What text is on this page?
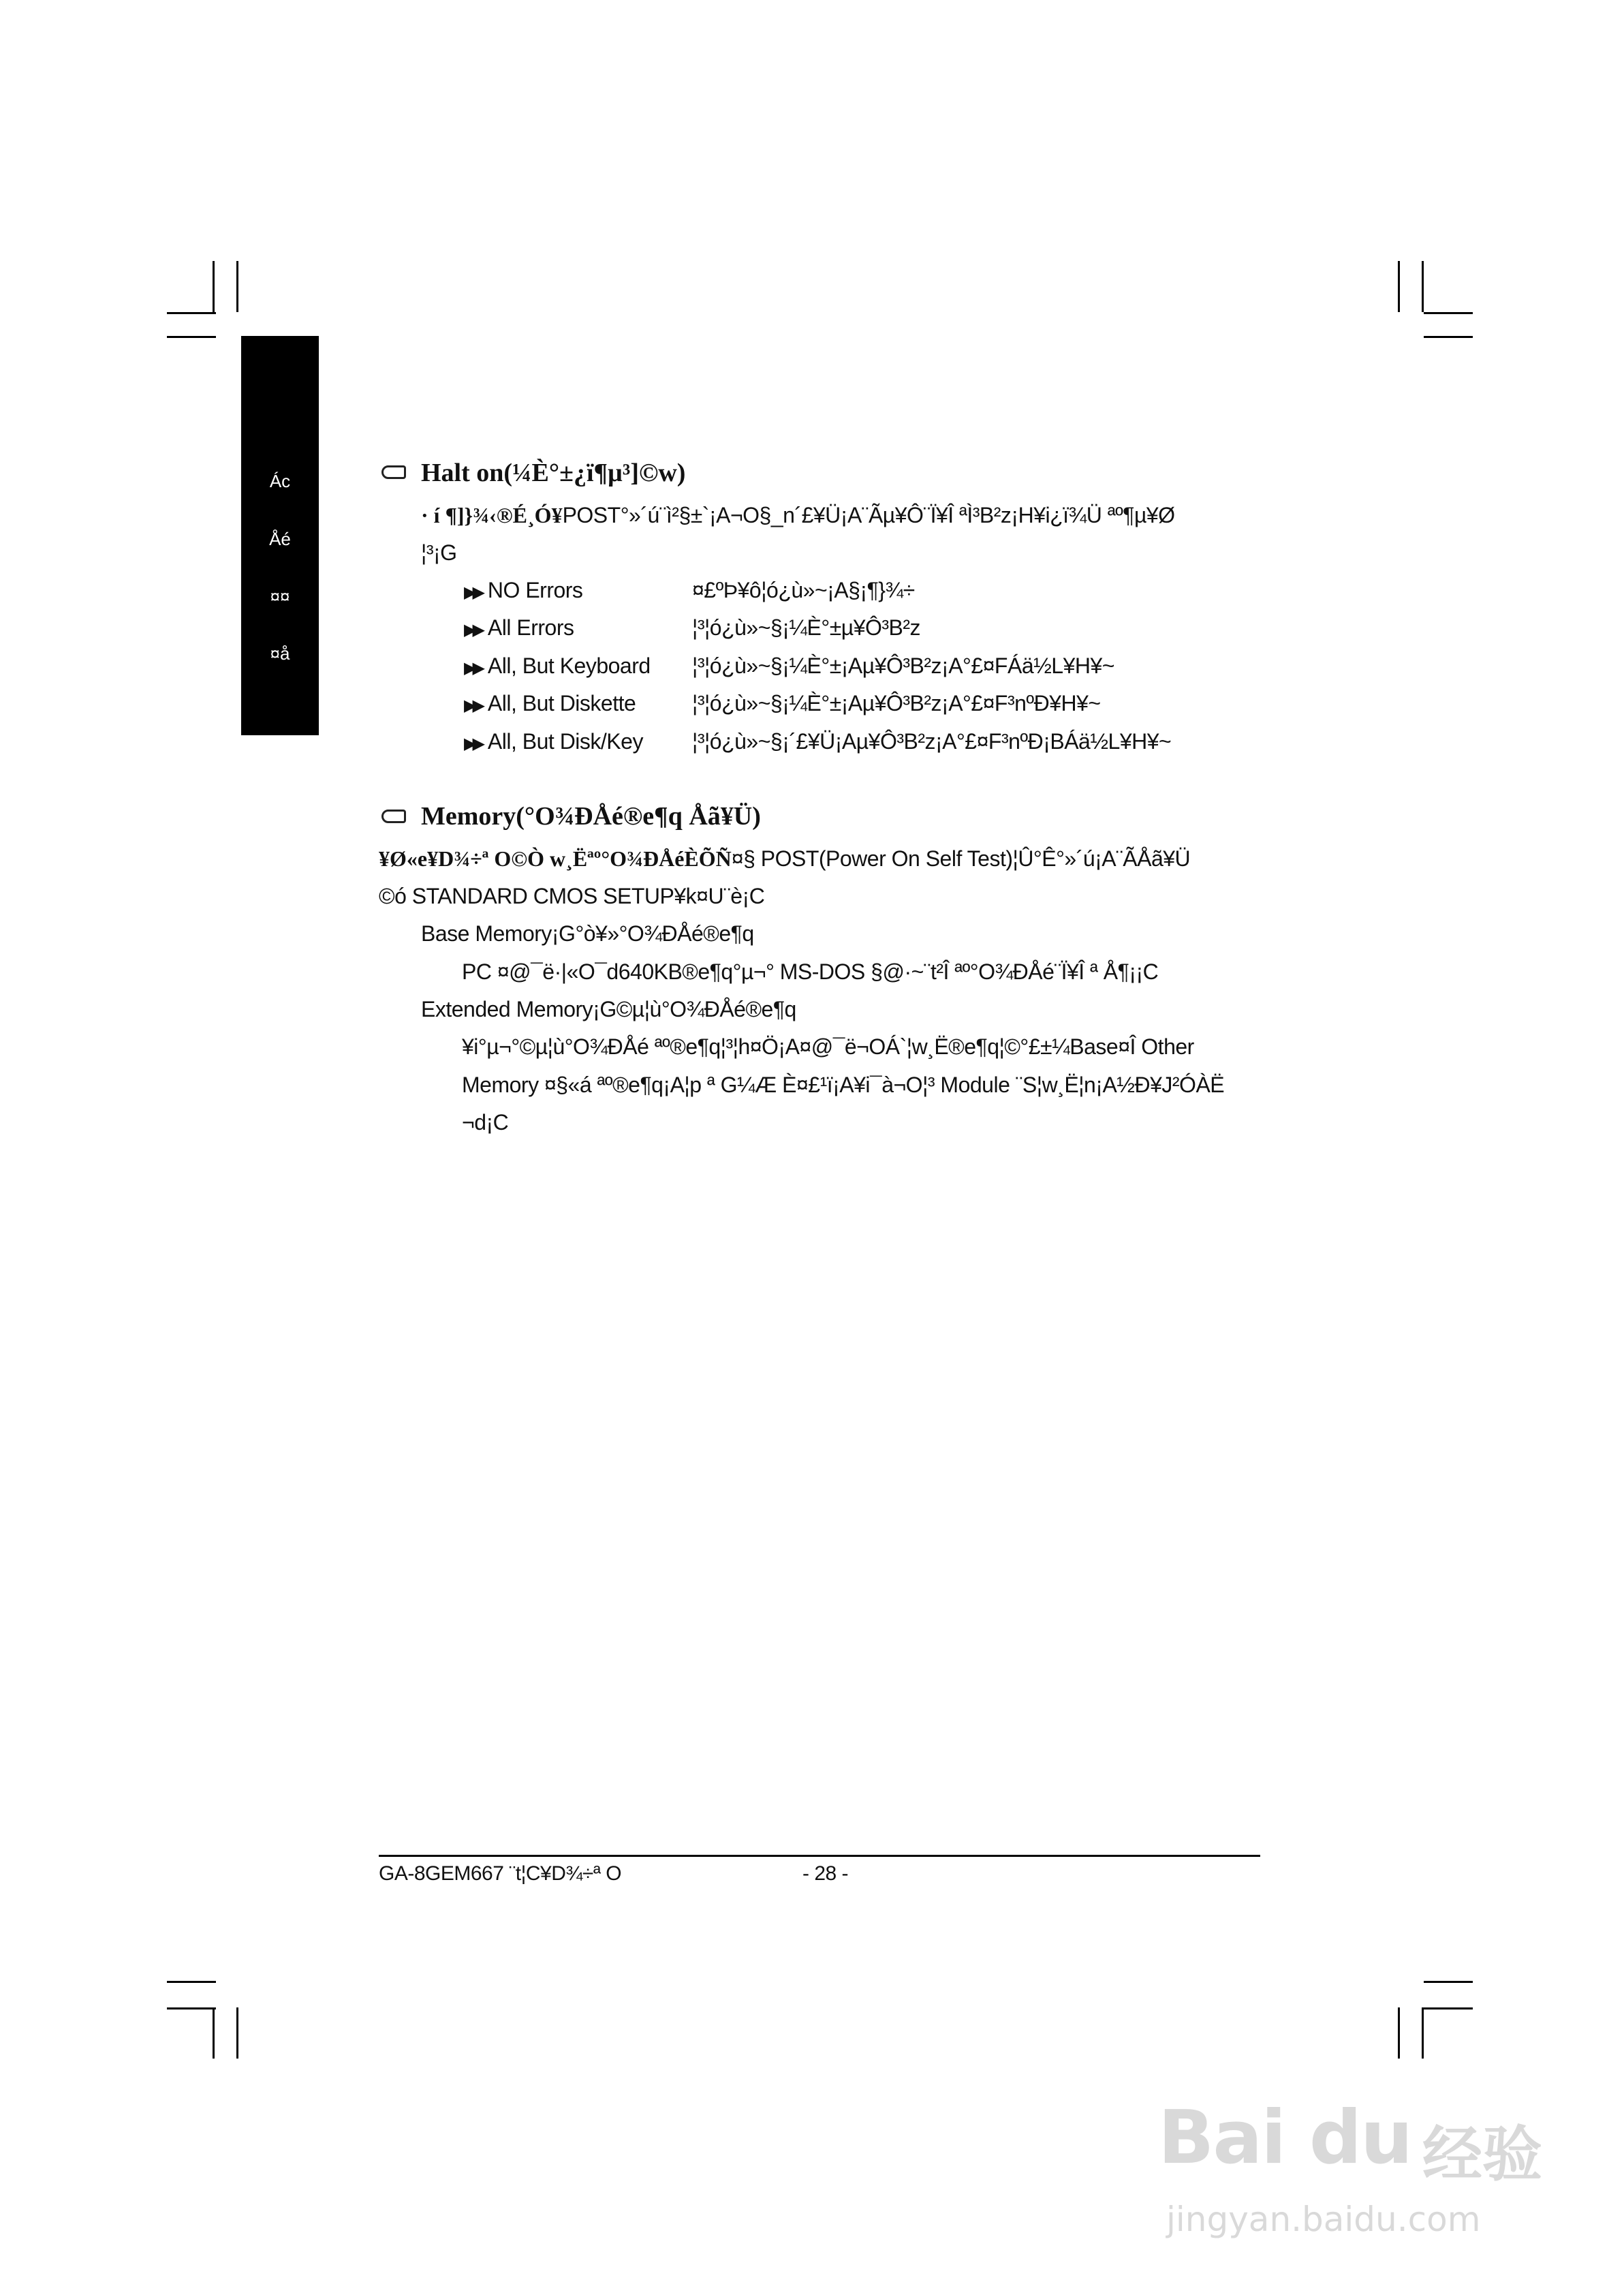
Ác
Åé
¤¤
¤å
Halt on(¼È°±¿ï¶µ³]©w)
· í ¶]}¾‹®É¸Ó¥POST°»´ú¨ì²§±`¡A¬O§_n´£¥Ü¡A¨Ãµ¥Ô¨Ï¥Î ªÌ³B²z¡H¥i¿ï¾Ü ªº¶µ¥Ø
¦³¡G
▶▶ NO Errors	¤£ºÞ¥ô¦ó¿ù»~¡A§¡¶}¾÷
▶▶ All Errors	¦³¦ó¿ù»~§¡¼È°±µ¥Ô³B²z
▶▶ All, But Keyboard ¦³¦ó¿ù»~§¡¼È°±¡Aµ¥Ô³B²z¡A°£¤FÁä½L¥H¥~
▶▶ All, But Diskette	¦³¦ó¿ù»~§¡¼È°±¡Aµ¥Ô³B²z¡A°£¤F³nºÐ¥H¥~
▶▶ All, But Disk/Key ¦³¦ó¿ù»~§¡´£¥Ü¡Aµ¥Ô³B²z¡A°£¤F³nºÐ¡BÁä½L¥H¥~
Memory(°O¾ÐÅé®e¶q Åã¥Ü)
¥Ø«e¥D¾÷ª O©Ò w¸Ëªº°O¾ÐÅéÈÕÑ¤§ POST(Power On Self Test)¦Û°Ê°»´ú¡A¨ÃÅã¥Ü
©ó STANDARD CMOS SETUP¥k¤U¨è¡C
Base Memory¡G°ò¥»°O¾ÐÅé®e¶q
PC ¤@¯ë·|«O¯d640KB®e¶q°µ¬° MS-DOS §@·~¨t²Î ªº°O¾ÐÅé¨Ï¥Î ª Å¶¡¡C
Extended Memory¡G©µ¦ù°O¾ÐÅé®e¶q
¥i°µ¬°©µ¦ù°O¾ÐÅé ªº®e¶q¦³¦h¤Ö¡A¤@¯ë¬OÁ`¦w¸Ë®e¶q¦©°£±¼Base¤Î Other
Memory ¤§«á ªº®e¶q¡A¦p ª G¼Æ È¤£¹ï¡A¥i¯à¬O¦³ Module ¨S¦w¸Ë¦n¡A½Ð¥J²ÓÀË
¬d¡C
GA-8GEM667 ¨t¦C¥D¾÷ª O	- 28 -
Bai du 经验
jingyan.baidu.com
